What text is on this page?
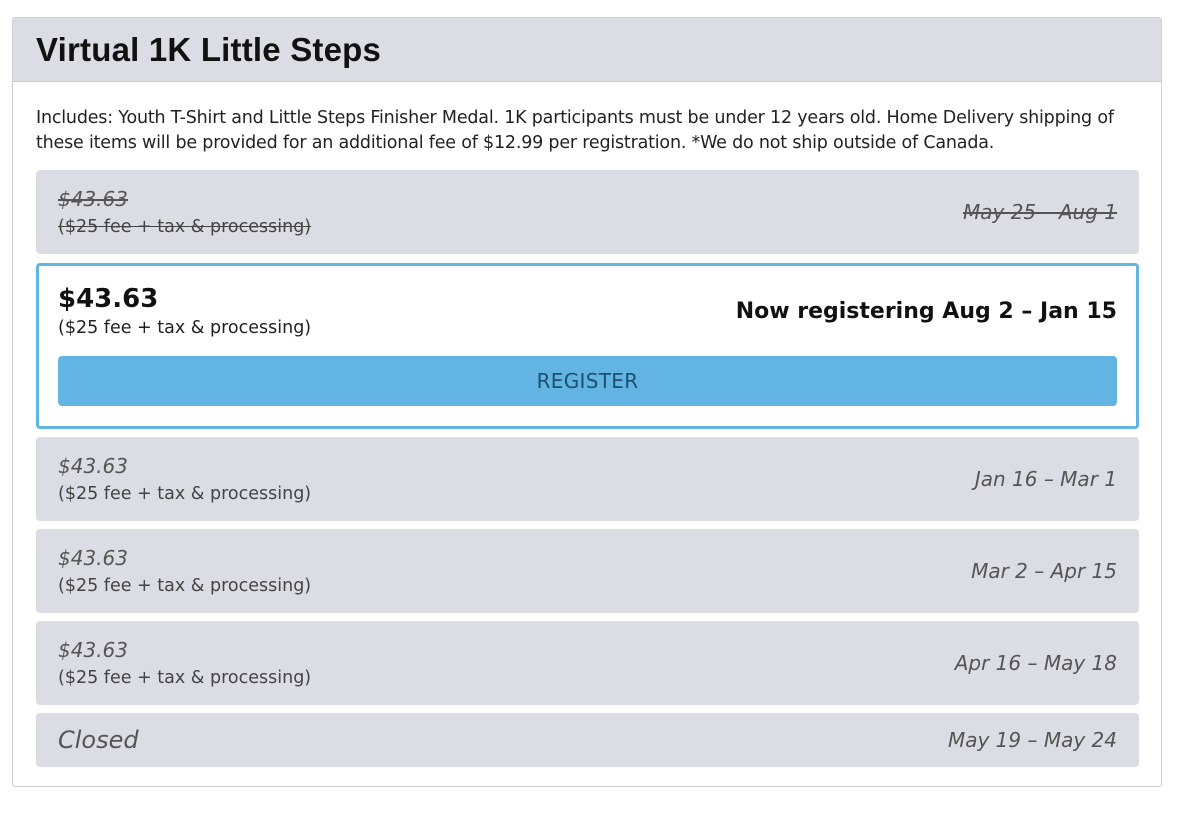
Virtual 1K Little Steps
Includes: Youth T-Shirt and Little Steps Finisher Medal. 1K participants must be under 12 years old. Home Delivery shipping of these items will be provided for an additional fee of $12.99 per registration. *We do not ship outside of Canada.
$43.63
($25 fee + tax & processing)
May 25 – Aug 1
$43.63
($25 fee + tax & processing)
Now registering Aug 2 – Jan 15
REGISTER
$43.63
($25 fee + tax & processing)
Jan 16 – Mar 1
$43.63
($25 fee + tax & processing)
Mar 2 – Apr 15
$43.63
($25 fee + tax & processing)
Apr 16 – May 18
Closed	May 19 – May 24
